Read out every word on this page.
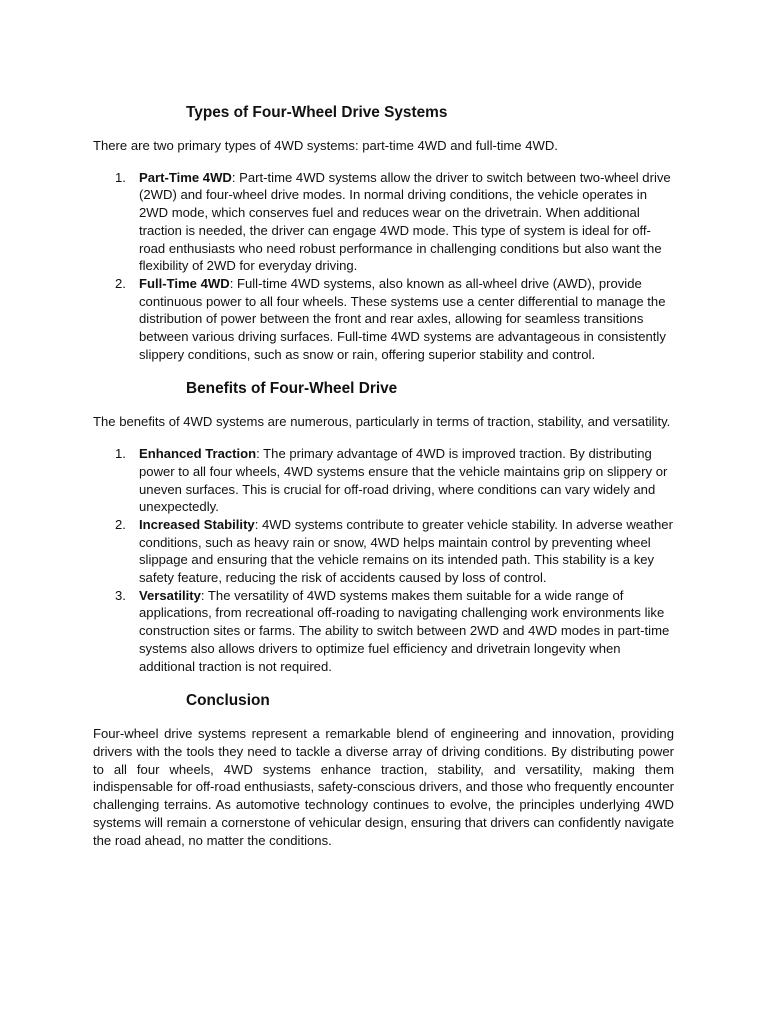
Types of Four-Wheel Drive Systems

There are two primary types of 4WD systems: part-time 4WD and full-time 4WD.

1. Part-Time 4WD: Part-time 4WD systems allow the driver to switch between two-wheel drive (2WD) and four-wheel drive modes. In normal driving conditions, the vehicle operates in 2WD mode, which conserves fuel and reduces wear on the drivetrain. When additional traction is needed, the driver can engage 4WD mode. This type of system is ideal for off-road enthusiasts who need robust performance in challenging conditions but also want the flexibility of 2WD for everyday driving.
2. Full-Time 4WD: Full-time 4WD systems, also known as all-wheel drive (AWD), provide continuous power to all four wheels. These systems use a center differential to manage the distribution of power between the front and rear axles, allowing for seamless transitions between various driving surfaces. Full-time 4WD systems are advantageous in consistently slippery conditions, such as snow or rain, offering superior stability and control.
Benefits of Four-Wheel Drive

The benefits of 4WD systems are numerous, particularly in terms of traction, stability, and versatility.

1. Enhanced Traction: The primary advantage of 4WD is improved traction. By distributing power to all four wheels, 4WD systems ensure that the vehicle maintains grip on slippery or uneven surfaces. This is crucial for off-road driving, where conditions can vary widely and unexpectedly.
2. Increased Stability: 4WD systems contribute to greater vehicle stability. In adverse weather conditions, such as heavy rain or snow, 4WD helps maintain control by preventing wheel slippage and ensuring that the vehicle remains on its intended path. This stability is a key safety feature, reducing the risk of accidents caused by loss of control.
3. Versatility: The versatility of 4WD systems makes them suitable for a wide range of applications, from recreational off-roading to navigating challenging work environments like construction sites or farms. The ability to switch between 2WD and 4WD modes in part-time systems also allows drivers to optimize fuel efficiency and drivetrain longevity when additional traction is not required.
Conclusion

Four-wheel drive systems represent a remarkable blend of engineering and innovation, providing drivers with the tools they need to tackle a diverse array of driving conditions. By distributing power to all four wheels, 4WD systems enhance traction, stability, and versatility, making them indispensable for off-road enthusiasts, safety-conscious drivers, and those who frequently encounter challenging terrains. As automotive technology continues to evolve, the principles underlying 4WD systems will remain a cornerstone of vehicular design, ensuring that drivers can confidently navigate the road ahead, no matter the conditions.
